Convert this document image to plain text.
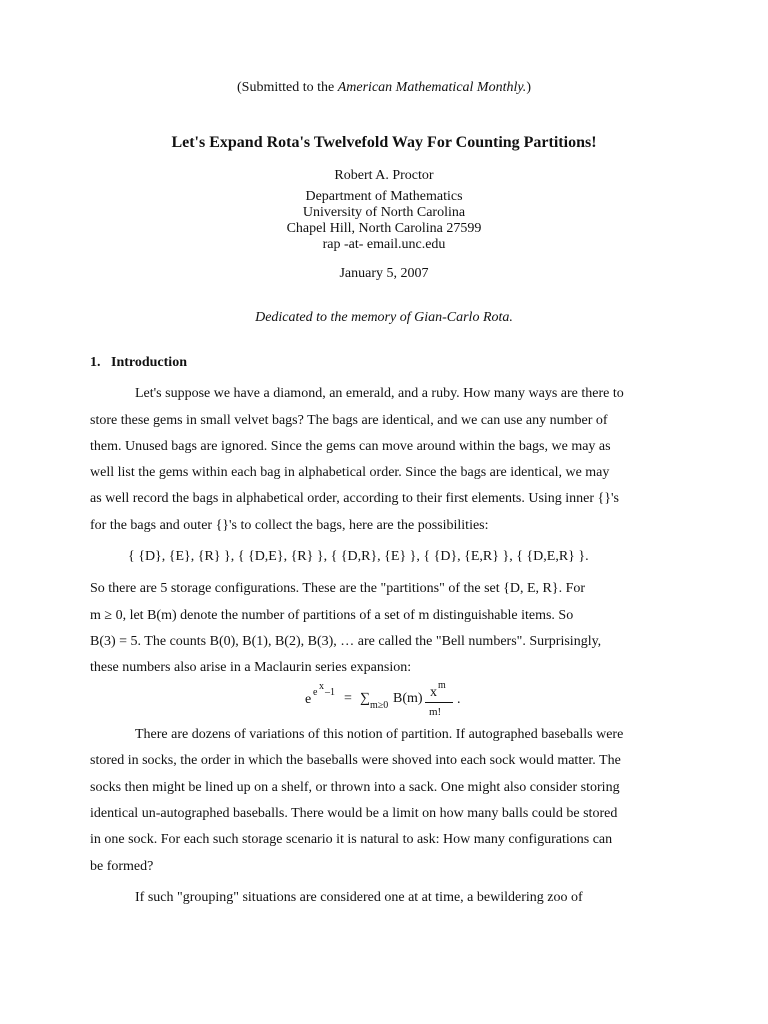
(Submitted to the American Mathematical Monthly.)
Let's Expand Rota's Twelvefold Way For Counting Partitions!
Robert A. Proctor
Department of Mathematics
University of North Carolina
Chapel Hill, North Carolina 27599
rap -at- email.unc.edu
January 5, 2007
Dedicated to the memory of Gian-Carlo Rota.
1. Introduction
Let's suppose we have a diamond, an emerald, and a ruby. How many ways are there to
store these gems in small velvet bags? The bags are identical, and we can use any number of
them. Unused bags are ignored. Since the gems can move around within the bags, we may as
well list the gems within each bag in alphabetical order. Since the bags are identical, we may
as well record the bags in alphabetical order, according to their first elements. Using inner {}'s
for the bags and outer {}'s to collect the bags, here are the possibilities:
{ {D}, {E}, {R} }, { {D,E}, {R} }, { {D,R}, {E} }, { {D}, {E,R} }, { {D,E,R} }.
So there are 5 storage configurations. These are the "partitions" of the set {D, E, R}. For
m ≥ 0, let B(m) denote the number of partitions of a set of m distinguishable items. So
B(3) = 5. The counts B(0), B(1), B(2), B(3), … are called the "Bell numbers". Surprisingly,
these numbers also arise in a Maclaurin series expansion:
e e
x
–1 = ∑ m≥0 B(m) x m
m!
.
There are dozens of variations of this notion of partition. If autographed baseballs were
stored in socks, the order in which the baseballs were shoved into each sock would matter. The
socks then might be lined up on a shelf, or thrown into a sack. One might also consider storing
identical un-autographed baseballs. There would be a limit on how many balls could be stored
in one sock. For each such storage scenario it is natural to ask: How many configurations can
be formed?
If such "grouping" situations are considered one at at time, a bewildering zoo of
